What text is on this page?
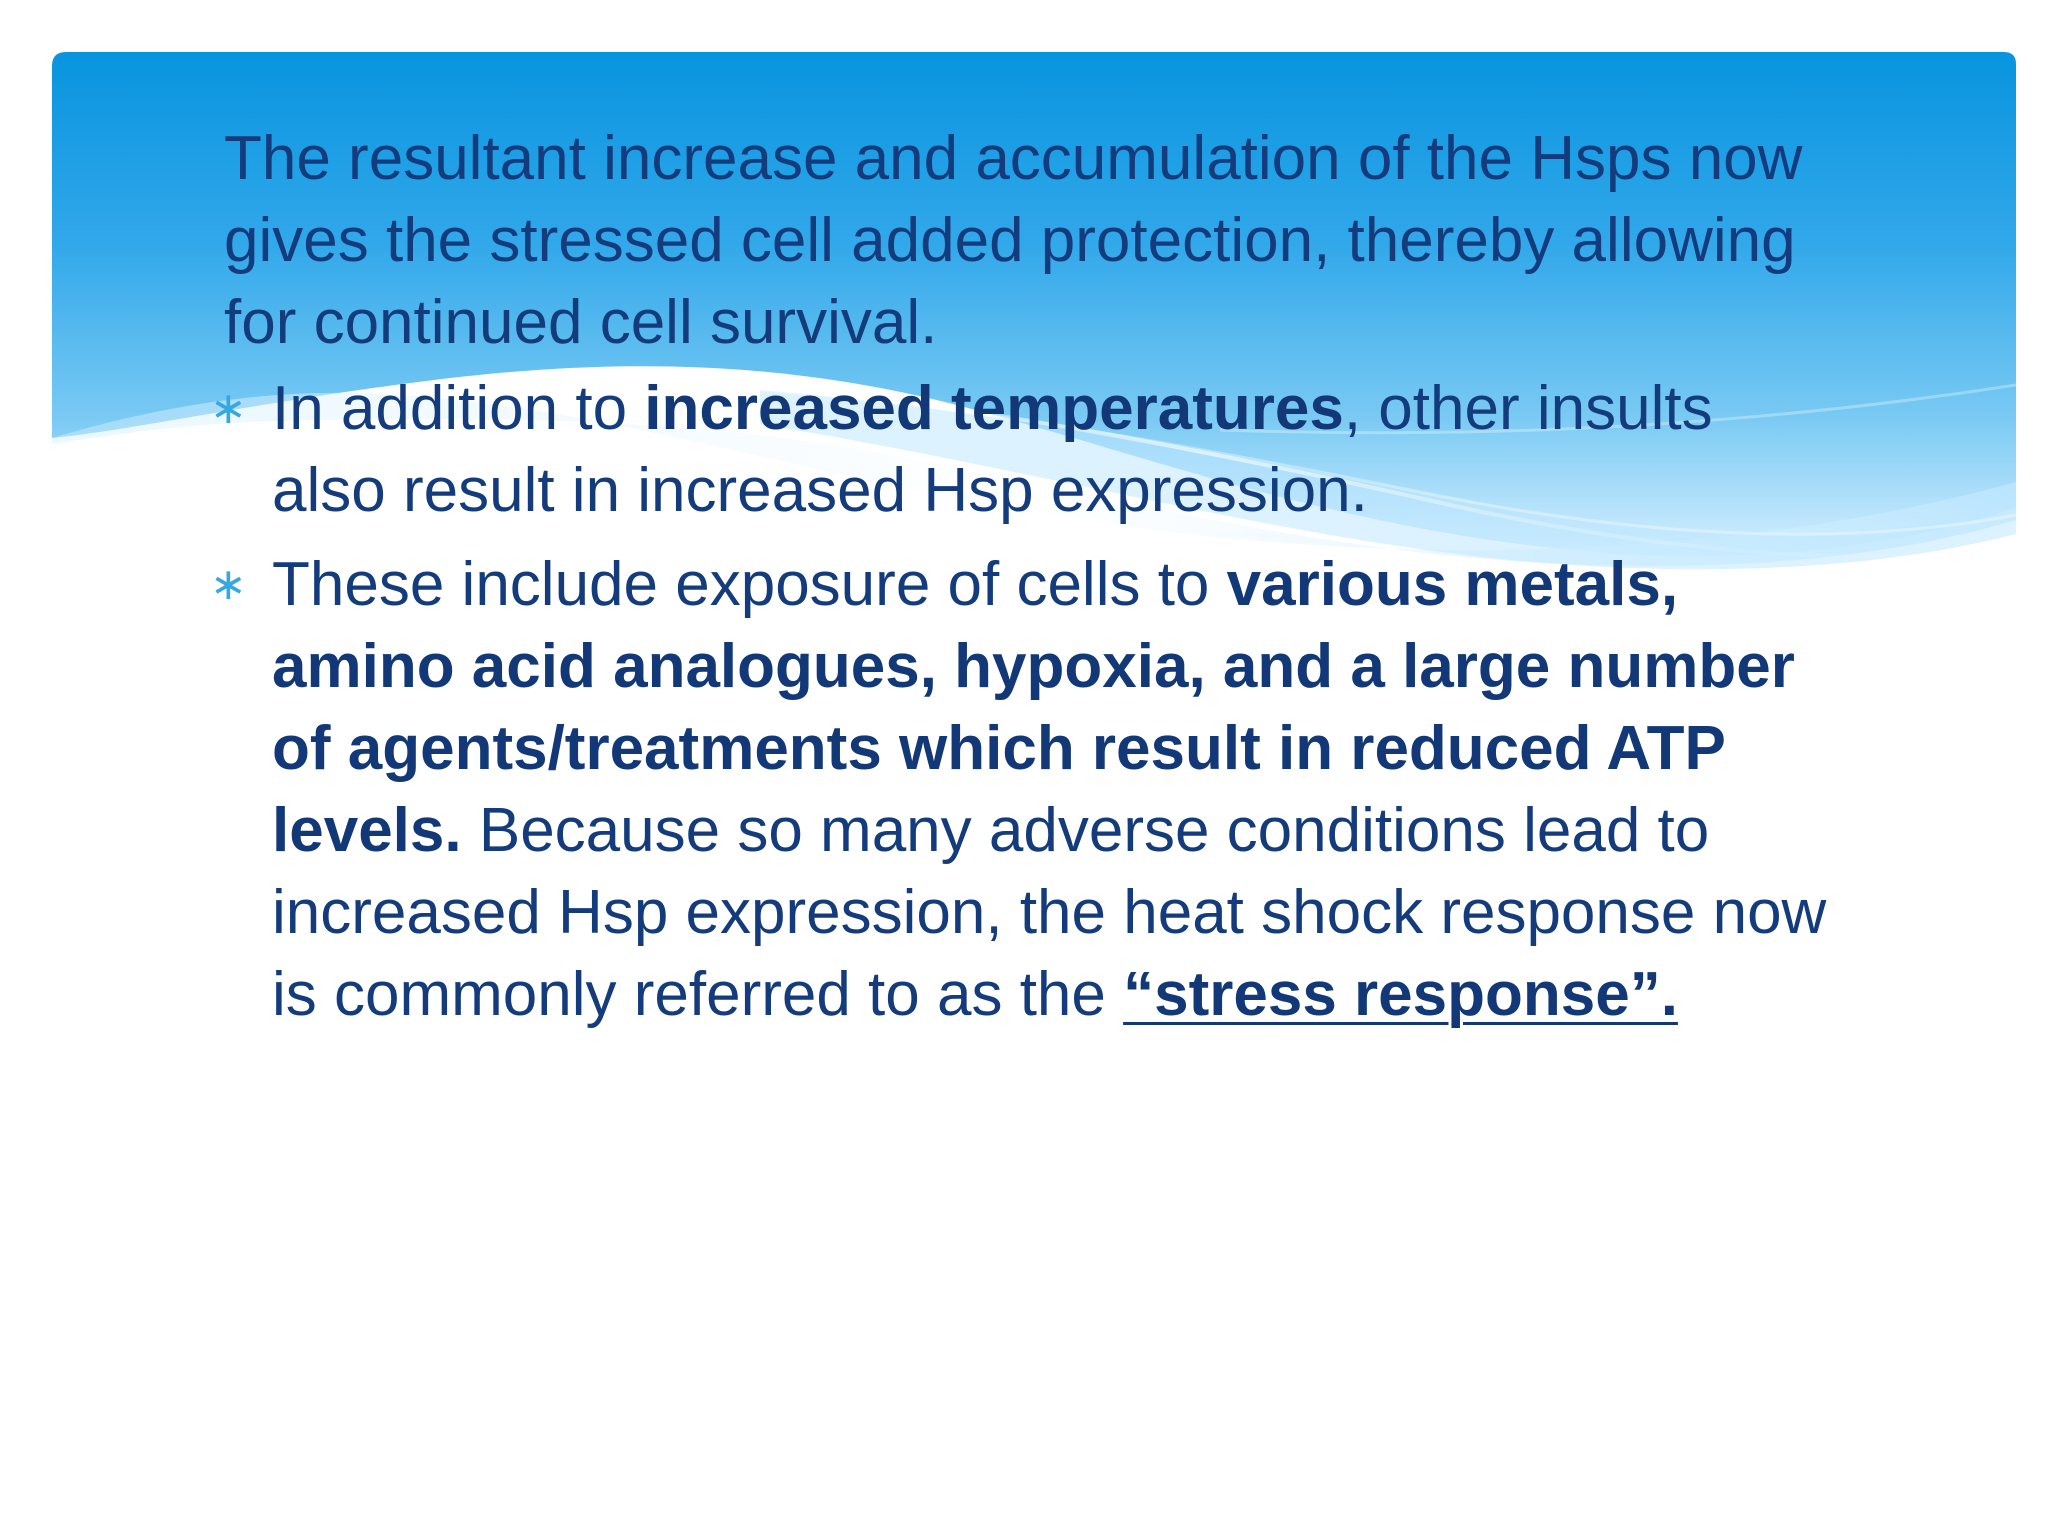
The resultant increase and accumulation of the Hsps now gives the stressed cell added protection, thereby allowing for continued cell survival.

∗ In addition to increased temperatures, other insults also result in increased Hsp expression.
∗ These include exposure of cells to various metals, amino acid analogues, hypoxia, and a large number of agents/treatments which result in reduced ATP levels. Because so many adverse conditions lead to increased Hsp expression, the heat shock response now is commonly referred to as the “stress response”.
